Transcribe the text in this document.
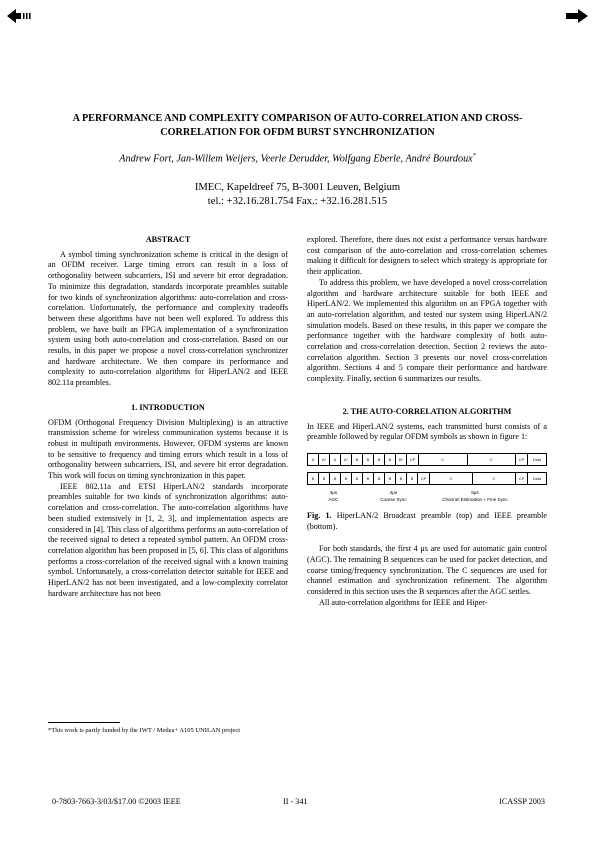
A PERFORMANCE AND COMPLEXITY COMPARISON OF AUTO-CORRELATION AND CROSS-CORRELATION FOR OFDM BURST SYNCHRONIZATION
Andrew Fort, Jan-Willem Weijers, Veerle Derudder, Wolfgang Eberle, André Bourdoux*
IMEC, Kapeldreef 75, B-3001 Leuven, Belgium
tel.: +32.16.281.754 Fax.: +32.16.281.515
ABSTRACT

A symbol timing synchronization scheme is critical in the design of an OFDM receiver. Large timing errors can result in a loss of orthogonality between subcarriers, ISI and severe bit error degradation. To minimize this degradation, standards incorporate preambles suitable for two kinds of synchronization algorithms: auto-correlation and cross-correlation. Unfortunately, the performance and complexity tradeoffs between these algorithms have not been well explored. To address this problem, we have built an FPGA implementation of a synchronization system using both auto-correlation and cross-correlation. Based on our results, in this paper we propose a novel cross-correlation synchronizer and hardware architecture. We then compare its performance and complexity to auto-correlation algorithms for HiperLAN/2 and IEEE 802.11a preambles.

1. INTRODUCTION

OFDM (Orthogonal Frequency Division Multiplexing) is an attractive transmission scheme for wireless communication systems because it is robust in multipath environments. However, OFDM systems are known to be sensitive to frequency and timing errors which result in a loss of orthogonality between subcarriers, ISI, and severe bit error degradation. This work will focus on timing synchronization in this paper.

IEEE 802.11a and ETSI HiperLAN/2 standards incorporate preambles suitable for two kinds of synchronization algorithms: auto-correlation and cross-correlation. The auto-correlation algorithms have been studied extensively in [1, 2, 3], and implementation aspects are considered in [4]. This class of algorithms performs an auto-correlation of the received signal to detect a repeated symbol pattern. An OFDM cross-correlation algorithm has been proposed in [5, 6]. This class of algorithms performs a cross-correlation of the received signal with a known training symbol. Unfortunately, a cross-correlation detector suitable for IEEE and HiperLAN/2 has not been investigated, and a low-complexity correlator hardware architecture has not been

explored. Therefore, there does not exist a performance versus hardware cost comparison of the auto-correlation and cross-correlation schemes making it difficult for designers to select which strategy is appropriate for their application.

To address this problem, we have developed a novel cross-correlation algorithm and hardware architecture suitable for both IEEE and HiperLAN/2. We implemented this algorithm on an FPGA together with an auto-correlation algorithm, and tested our system using HiperLAN/2 simulation models. Based on these results, in this paper we compare the performance together with the hardware complexity of both auto-correlation and cross-correlation detection. Section 2 reviews the auto-correlation algorithm. Section 3 presents our novel cross-correlation algorithm. Sections 4 and 5 compare their performance and hardware complexity. Finally, section 6 summarizes our results.

2. THE AUTO-CORRELATION ALGORITHM

In IEEE and HiperLAN/2 systems, each transmitted burst consists of a preamble followed by regular OFDM symbols as shown in figure 1:

A	A*	A	A*	B	B	B	B	B*	CP	C	C	CP	Data
B	B	B	B	B	B	B	B	B	B	CP	C	C	CP	Data
4μs
AGC
4μs
Coarse Sync
8μs
Channel Estimation + Fine Sync
Fig. 1. HiperLAN/2 Broadcast preamble (top) and IEEE preamble (bottom).

For both standards, the first 4 μs are used for automatic gain control (AGC). The remaining B sequences can be used for packet detection, and coarse timing/frequency synchronization. The C sequences are used for channel estimation and synchronization refinement. The algorithm considered in this section uses the B sequences after the AGC settles.

All auto-correlation algorithms for IEEE and Hiper-

*This work is partly funded by the IWT / Medea+ A105 UNILAN project
0-7803-7663-3/03/$17.00 ©2003 IEEE	II - 341	ICASSP 2003
